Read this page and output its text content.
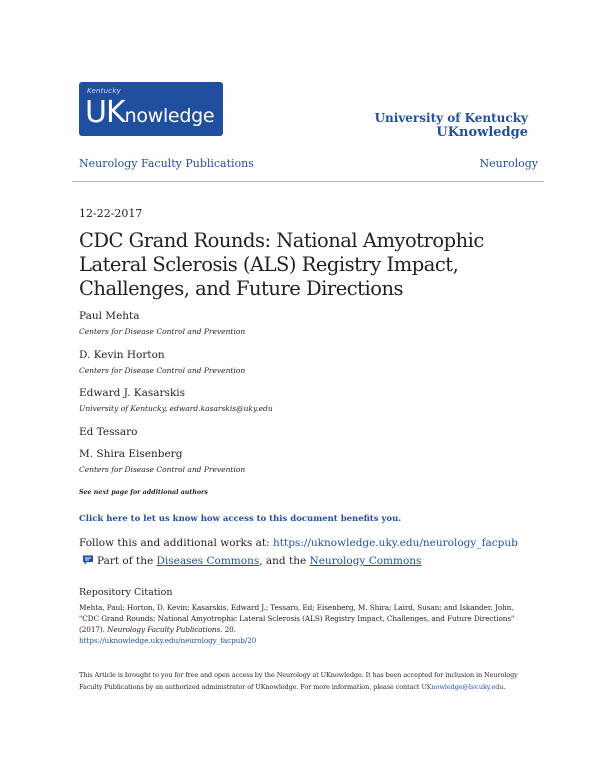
Kentucky
UKnowledge	University of Kentucky
UKnowledge
Neurology Faculty Publications	Neurology
12-22-2017
CDC Grand Rounds: National Amyotrophic Lateral Sclerosis (ALS) Registry Impact, Challenges, and Future Directions
Paul Mehta
Centers for Disease Control and Prevention
D. Kevin Horton
Centers for Disease Control and Prevention
Edward J. Kasarskis
University of Kentucky, edward.kasarskis@uky.edu
Ed Tessaro
M. Shira Eisenberg
Centers for Disease Control and Prevention
See next page for additional authors
Click here to let us know how access to this document benefits you.
Follow this and additional works at: https://uknowledge.uky.edu/neurology_facpub
Part of the Diseases Commons, and the Neurology Commons
Repository Citation
Mehta, Paul; Horton, D. Kevin; Kasarskis, Edward J.; Tessaro, Ed; Eisenberg, M. Shira; Laird, Susan; and Iskander, John, "CDC Grand Rounds: National Amyotrophic Lateral Sclerosis (ALS) Registry Impact, Challenges, and Future Directions" (2017). Neurology Faculty Publications. 20.
https://uknowledge.uky.edu/neurology_facpub/20
This Article is brought to you for free and open access by the Neurology at UKnowledge. It has been accepted for inclusion in Neurology Faculty Publications by an authorized administrator of UKnowledge. For more information, please contact UKnowledge@lsv.uky.edu.
